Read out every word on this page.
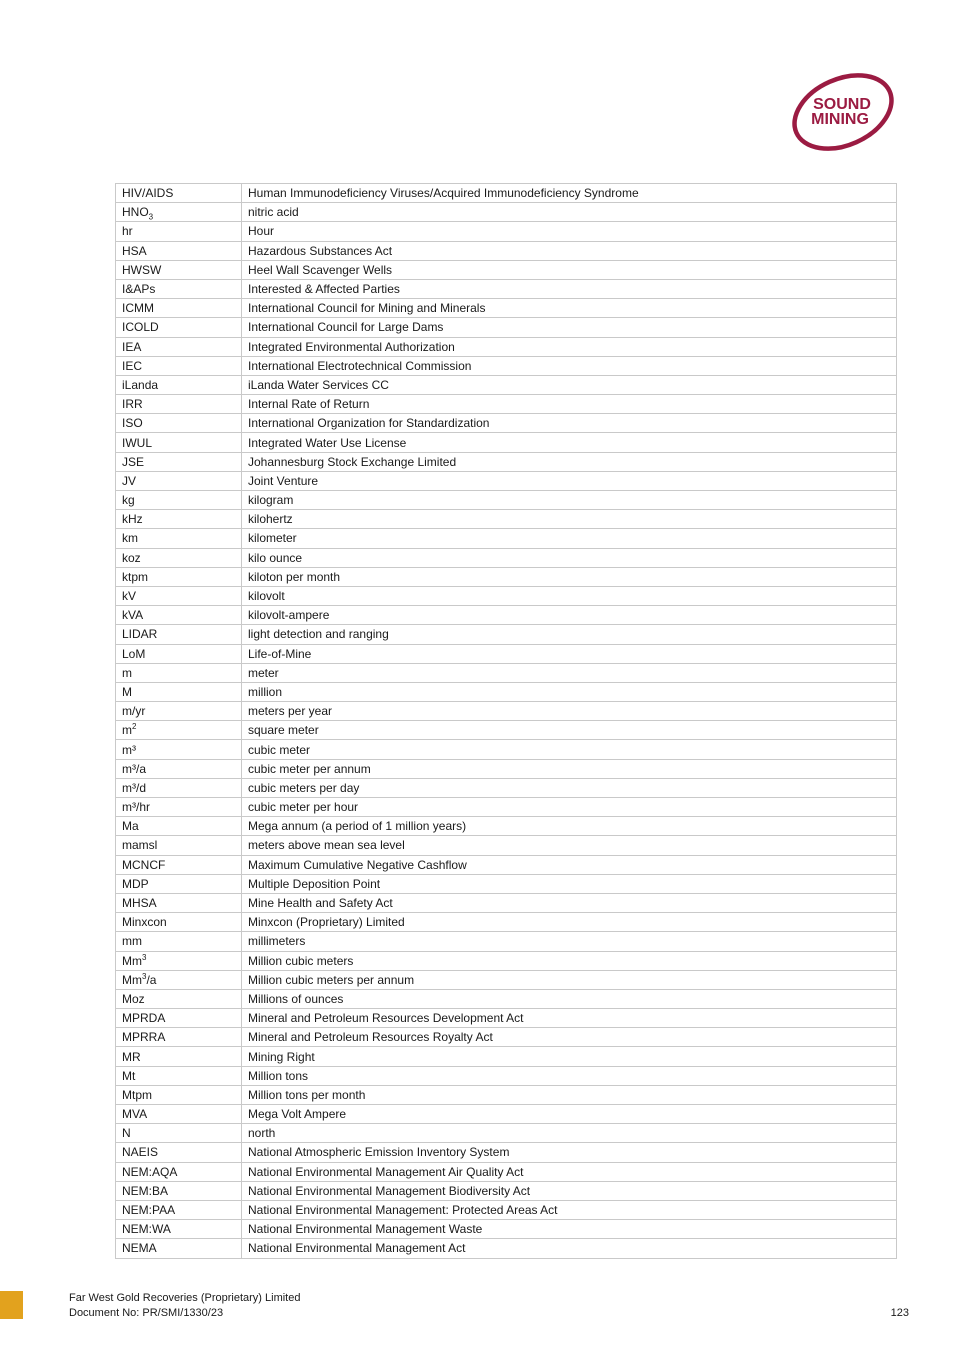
SOUND
MINING
HIV/AIDS	Human Immunodeficiency Viruses/Acquired Immunodeficiency Syndrome
$HNO_3$	nitric acid
hr	Hour
HSA	Hazardous Substances Act
HWSW	Heel Wall Scavenger Wells
I&APs	Interested & Affected Parties
ICMM	International Council for Mining and Minerals
ICOLD	International Council for Large Dams
IEA	Integrated Environmental Authorization
IEC	International Electrotechnical Commission
iLanda	iLanda Water Services CC
IRR	Internal Rate of Return
ISO	International Organization for Standardization
IWUL	Integrated Water Use License
JSE	Johannesburg Stock Exchange Limited
JV	Joint Venture
kg	kilogram
kHz	kilohertz
km	kilometer
koz	kilo ounce
ktpm	kiloton per month
kV	kilovolt
kVA	kilovolt-ampere
LIDAR	light detection and ranging
LoM	Life-of-Mine
m	meter
M	million
m/yr	meters per year
$m^2$	square meter
m³	cubic meter
m³/a	cubic meter per annum
m³/d	cubic meters per day
m³/hr	cubic meter per hour
Ma	Mega annum (a period of 1 million years)
mamsl	meters above mean sea level
MCNCF	Maximum Cumulative Negative Cashflow
MDP	Multiple Deposition Point
MHSA	Mine Health and Safety Act
Minxcon	Minxcon (Proprietary) Limited
mm	millimeters
Mm$^3$	Million cubic meters
Mm$^3$/a	Million cubic meters per annum
Moz	Millions of ounces
MPRDA	Mineral and Petroleum Resources Development Act
MPRRA	Mineral and Petroleum Resources Royalty Act
MR	Mining Right
Mt	Million tons
Mtpm	Million tons per month
MVA	Mega Volt Ampere
N	north
NAEIS	National Atmospheric Emission Inventory System
NEM:AQA	National Environmental Management Air Quality Act
NEM:BA	National Environmental Management Biodiversity Act
NEM:PAA	National Environmental Management: Protected Areas Act
NEM:WA	National Environmental Management Waste
NEMA	National Environmental Management Act
Far West Gold Recoveries (Proprietary) Limited
Document No: PR/SMI/1330/23	123
